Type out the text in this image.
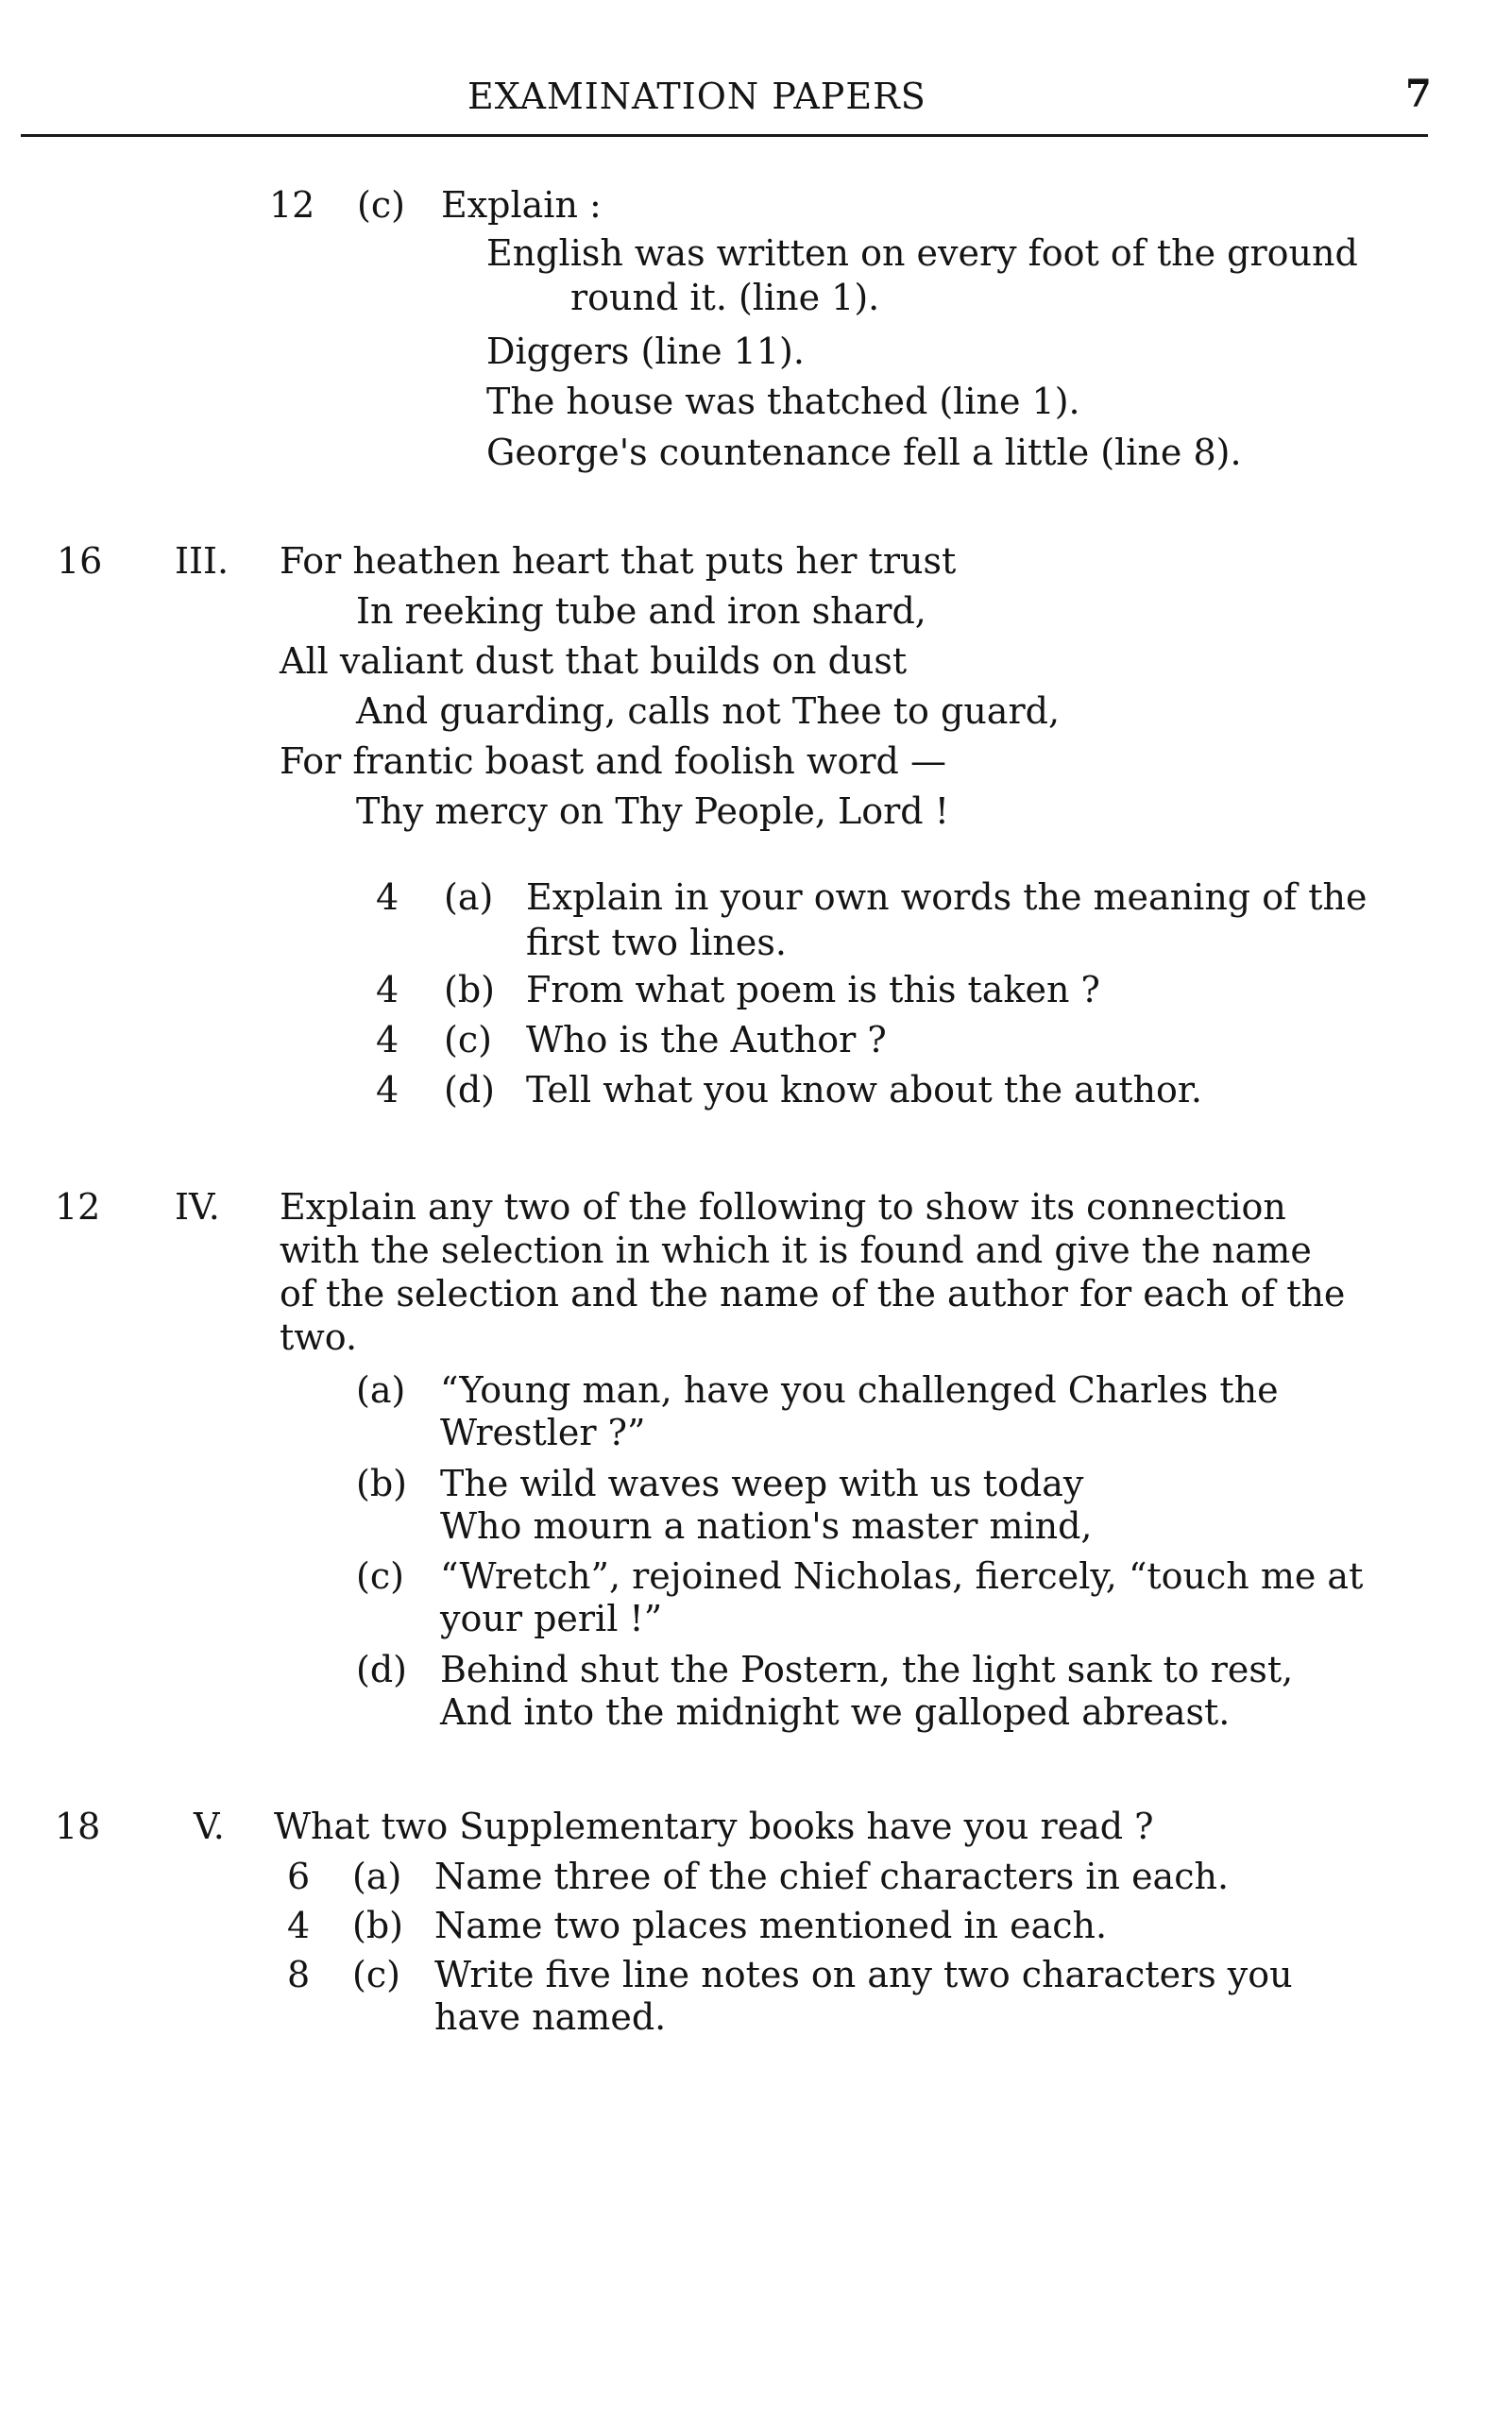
EXAMINATION PAPERS	7
12 (c) Explain :
English was written on every foot of the ground
round it. (line 1).
Diggers (line 11).
The house was thatched (line 1).
George's countenance fell a little (line 8).
16 III. For heathen heart that puts her trust
In reeking tube and iron shard,
All valiant dust that builds on dust
And guarding, calls not Thee to guard,
For frantic boast and foolish word —
Thy mercy on Thy People, Lord !
4 (a) Explain in your own words the meaning of the
first two lines.
4 (b) From what poem is this taken ?
4 (c) Who is the Author ?
4 (d) Tell what you know about the author.
12 IV. Explain any two of the following to show its connection
with the selection in which it is found and give the name
of the selection and the name of the author for each of the
two.
(a) “Young man, have you challenged Charles the
Wrestler ?”
(b) The wild waves weep with us today
Who mourn a nation's master mind,
(c) “Wretch”, rejoined Nicholas, fiercely, “touch me at
your peril !”
(d) Behind shut the Postern, the light sank to rest,
And into the midnight we galloped abreast.
18	V. What two Supplementary books have you read ?
6 (a) Name three of the chief characters in each.
4 (b) Name two places mentioned in each.
8 (c) Write five line notes on any two characters you
have named.
